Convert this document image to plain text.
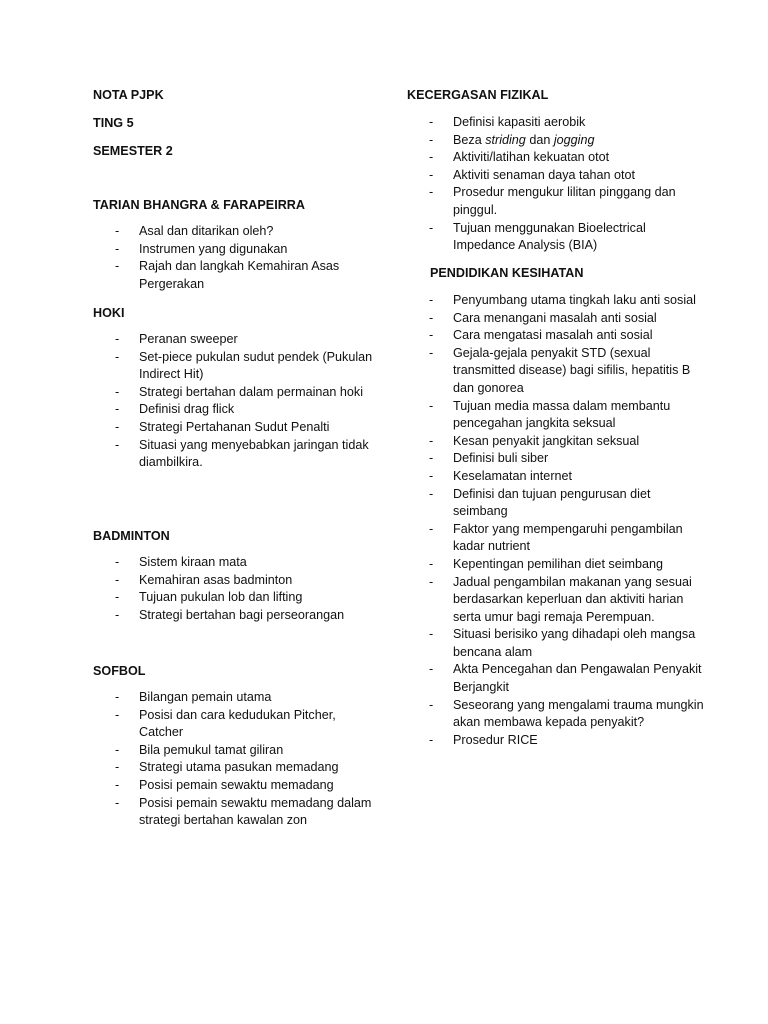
NOTA PJPK
TING 5
SEMESTER 2
TARIAN BHANGRA & FARAPEIRRA
- Asal dan ditarikan oleh?
- Instrumen yang digunakan
- Rajah dan langkah Kemahiran Asas Pergerakan
HOKI
- Peranan sweeper
- Set-piece pukulan sudut pendek (Pukulan Indirect Hit)
- Strategi bertahan dalam permainan hoki
- Definisi drag flick
- Strategi Pertahanan Sudut Penalti
- Situasi yang menyebabkan jaringan tidak diambilkira.
BADMINTON
- Sistem kiraan mata
- Kemahiran asas badminton
- Tujuan pukulan lob dan lifting
- Strategi bertahan bagi perseorangan
SOFBOL
- Bilangan pemain utama
- Posisi dan cara kedudukan Pitcher, Catcher
- Bila pemukul tamat giliran
- Strategi utama pasukan memadang
- Posisi pemain sewaktu memadang
- Posisi pemain sewaktu memadang dalam strategi bertahan kawalan zon
KECERGASAN FIZIKAL
- Definisi kapasiti aerobik
- Beza striding dan jogging
- Aktiviti/latihan kekuatan otot
- Aktiviti senaman daya tahan otot
- Prosedur mengukur lilitan pinggang dan pinggul.
- Tujuan menggunakan Bioelectrical Impedance Analysis (BIA)
PENDIDIKAN KESIHATAN
- Penyumbang utama tingkah laku anti sosial
- Cara menangani masalah anti sosial
- Cara mengatasi masalah anti sosial
- Gejala-gejala penyakit STD (sexual transmitted disease) bagi sifilis, hepatitis B dan gonorea
- Tujuan media massa dalam membantu pencegahan jangkita seksual
- Kesan penyakit jangkitan seksual
- Definisi buli siber
- Keselamatan internet
- Definisi dan tujuan pengurusan diet seimbang
- Faktor yang mempengaruhi pengambilan kadar nutrient
- Kepentingan pemilihan diet seimbang
- Jadual pengambilan makanan yang sesuai berdasarkan keperluan dan aktiviti harian serta umur bagi remaja Perempuan.
- Situasi berisiko yang dihadapi oleh mangsa bencana alam
- Akta Pencegahan dan Pengawalan Penyakit Berjangkit
- Seseorang yang mengalami trauma mungkin akan membawa kepada penyakit?
- Prosedur RICE
